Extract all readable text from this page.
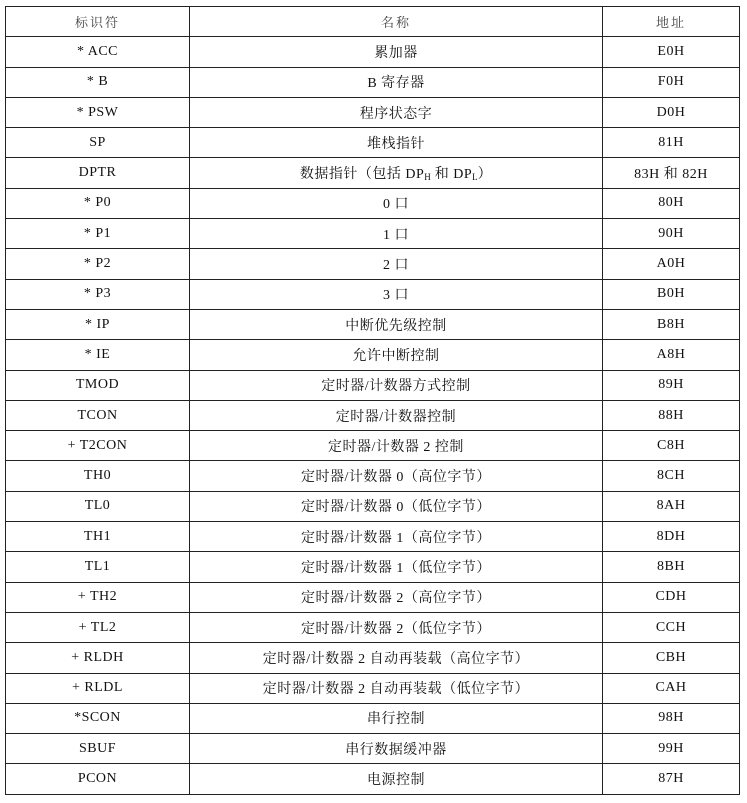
标识符	名称	地址
* ACC	累加器	E0H
* B	B 寄存器	F0H
* PSW	程序状态字	D0H
SP	堆栈指针	81H
DPTR	数据指针（包括 $DP_H$ 和 $DP_L$）	83H 和 82H
* P0	0 口	80H
* P1	1 口	90H
* P2	2 口	A0H
* P3	3 口	B0H
* IP	中断优先级控制	B8H
* IE	允许中断控制	A8H
TMOD	定时器/计数器方式控制	89H
TCON	定时器/计数器控制	88H
+ T2CON	定时器/计数器 2 控制	C8H
TH0	定时器/计数器 0（高位字节）	8CH
TL0	定时器/计数器 0（低位字节）	8AH
TH1	定时器/计数器 1（高位字节）	8DH
TL1	定时器/计数器 1（低位字节）	8BH
+ TH2	定时器/计数器 2（高位字节）	CDH
+ TL2	定时器/计数器 2（低位字节）	CCH
+ RLDH	定时器/计数器 2 自动再装载（高位字节）	CBH
+ RLDL	定时器/计数器 2 自动再装载（低位字节）	CAH
*SCON	串行控制	98H
SBUF	串行数据缓冲器	99H
PCON	电源控制	87H
